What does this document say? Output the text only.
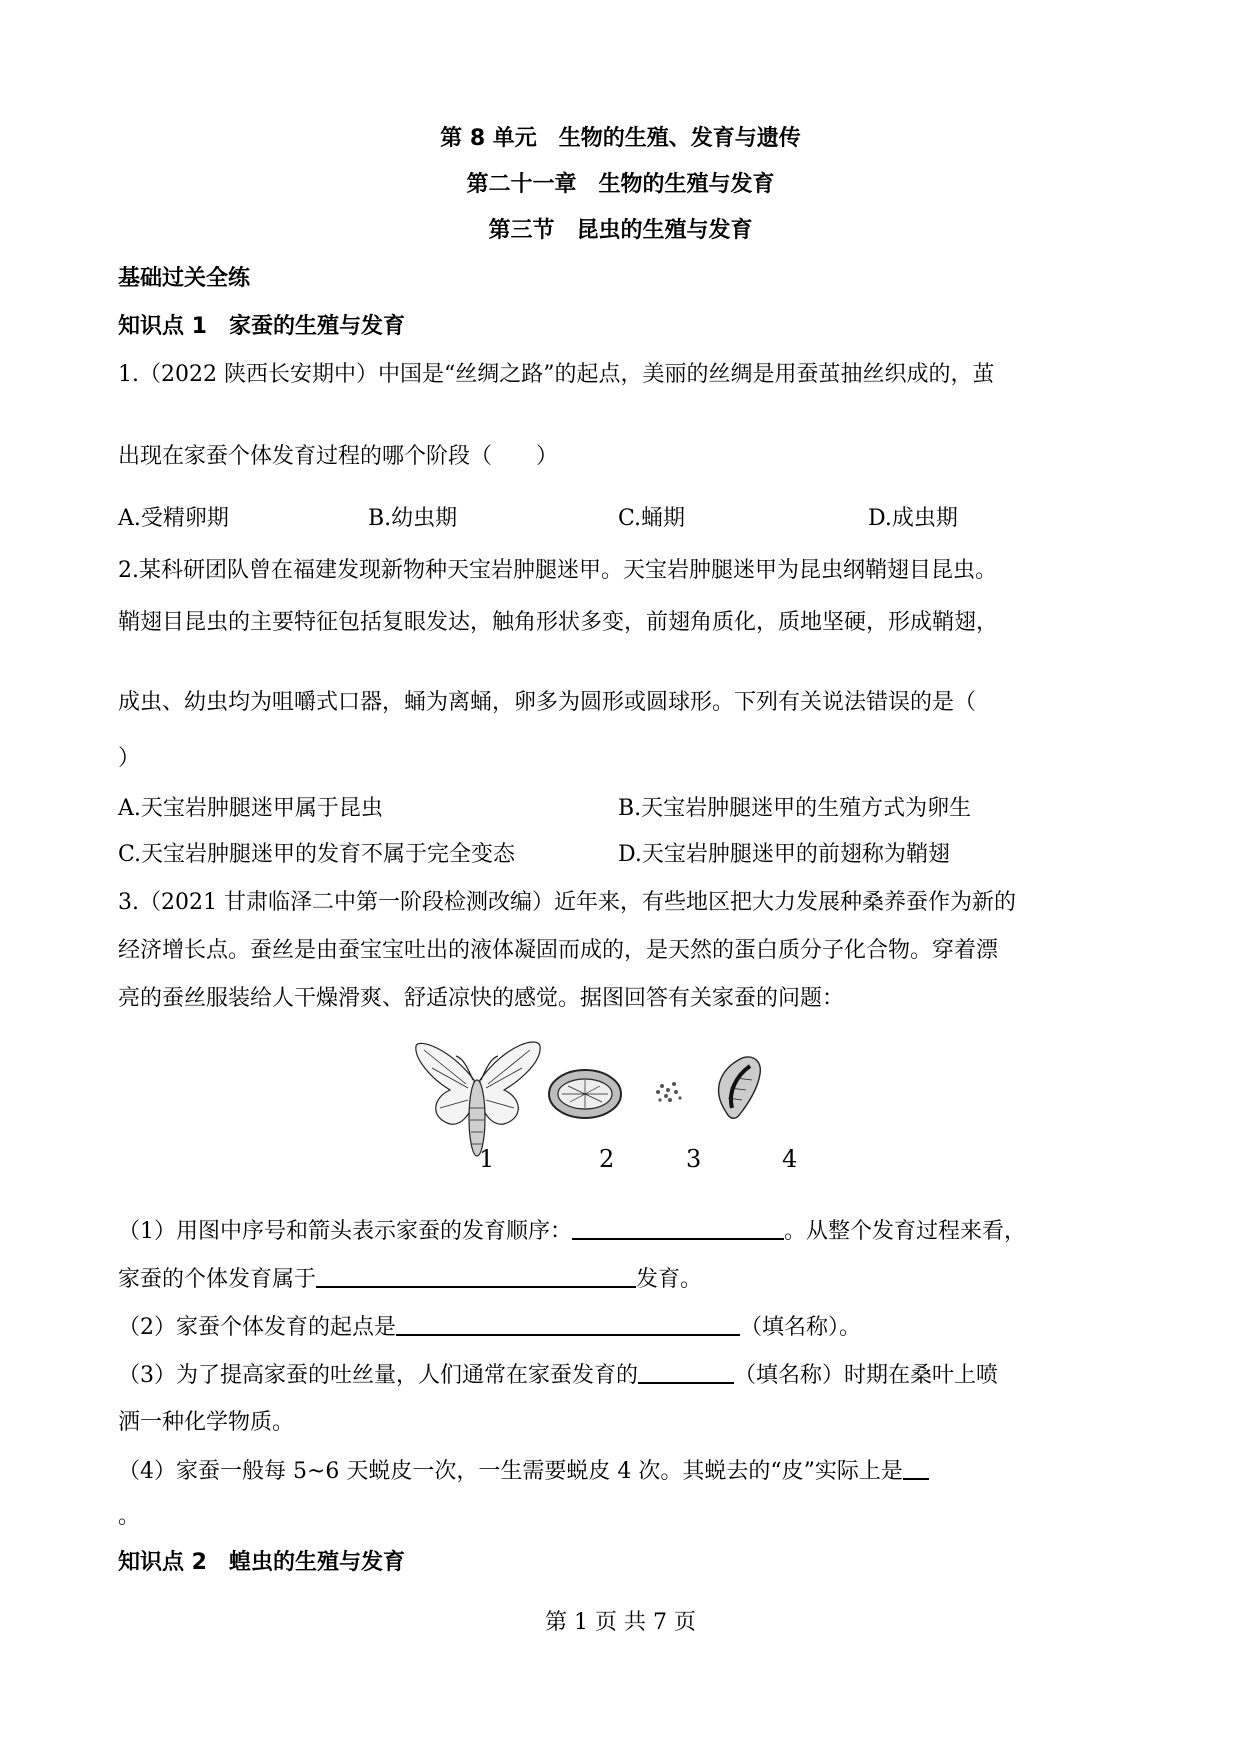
第 8 单元　生物的生殖、发育与遗传
第二十一章　生物的生殖与发育
第三节　昆虫的生殖与发育
基础过关全练
知识点 1　家蚕的生殖与发育
1.（2022 陕西长安期中）中国是“丝绸之路”的起点，美丽的丝绸是用蚕茧抽丝织成的，茧
出现在家蚕个体发育过程的哪个阶段（　　）
A.受精卵期	B.幼虫期	C.蛹期	D.成虫期
2.某科研团队曾在福建发现新物种天宝岩肿腿迷甲。天宝岩肿腿迷甲为昆虫纲鞘翅目昆虫。
鞘翅目昆虫的主要特征包括复眼发达，触角形状多变，前翅角质化，质地坚硬，形成鞘翅，
成虫、幼虫均为咀嚼式口器，蛹为离蛹，卵多为圆形或圆球形。下列有关说法错误的是（
）
A.天宝岩肿腿迷甲属于昆虫	B.天宝岩肿腿迷甲的生殖方式为卵生
C.天宝岩肿腿迷甲的发育不属于完全变态	D.天宝岩肿腿迷甲的前翅称为鞘翅
3.（2021 甘肃临泽二中第一阶段检测改编）近年来，有些地区把大力发展种桑养蚕作为新的
经济增长点。蚕丝是由蚕宝宝吐出的液体凝固而成的，是天然的蛋白质分子化合物。穿着漂
亮的蚕丝服装给人干燥滑爽、舒适凉快的感觉。据图回答有关家蚕的问题：
1	2	3	4
（1）用图中序号和箭头表示家蚕的发育顺序：	。从整个发育过程来看，
家蚕的个体发育属于	发育。
（2）家蚕个体发育的起点是	（填名称）。
（3）为了提高家蚕的吐丝量，人们通常在家蚕发育的	（填名称）时期在桑叶上喷
洒一种化学物质。
（4）家蚕一般每 5~6 天蜕皮一次，一生需要蜕皮 4 次。其蜕去的“皮”实际上是
。
知识点 2　蝗虫的生殖与发育
第 1 页 共 7 页
